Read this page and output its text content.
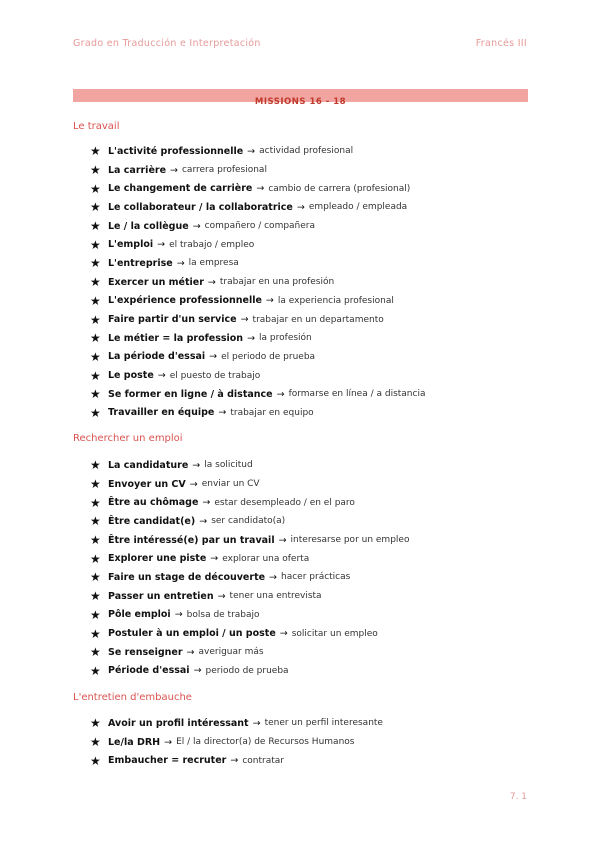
Grado en Traducción e Interpretación	Francés III
MISSIONS 16 - 18
Le travail
★ L'activité professionnelle → actividad profesional
★ La carrière → carrera profesional
★ Le changement de carrière → cambio de carrera (profesional)
★ Le collaborateur / la collaboratrice → empleado / empleada
★ Le / la collègue → compañero / compañera
★ L'emploi → el trabajo / empleo
★ L'entreprise → la empresa
★ Exercer un métier → trabajar en una profesión
★ L'expérience professionnelle → la experiencia profesional
★ Faire partir d'un service → trabajar en un departamento
★ Le métier = la profession → la profesión
★ La période d'essai → el periodo de prueba
★ Le poste → el puesto de trabajo
★ Se former en ligne / à distance → formarse en línea / a distancia
★ Travailler en équipe → trabajar en equipo
Rechercher un emploi
★ La candidature → la solicitud
★ Envoyer un CV → enviar un CV
★ Être au chômage → estar desempleado / en el paro
★ Être candidat(e) → ser candidato(a)
★ Être intéressé(e) par un travail → interesarse por un empleo
★ Explorer une piste → explorar una oferta
★ Faire un stage de découverte → hacer prácticas
★ Passer un entretien → tener una entrevista
★ Pôle emploi → bolsa de trabajo
★ Postuler à un emploi / un poste → solicitar un empleo
★ Se renseigner → averiguar más
★ Période d'essai → periodo de prueba
L'entretien d'embauche
★ Avoir un profil intéressant → tener un perfil interesante
★ Le/la DRH → El / la director(a) de Recursos Humanos
★ Embaucher = recruter → contratar
7. 1
